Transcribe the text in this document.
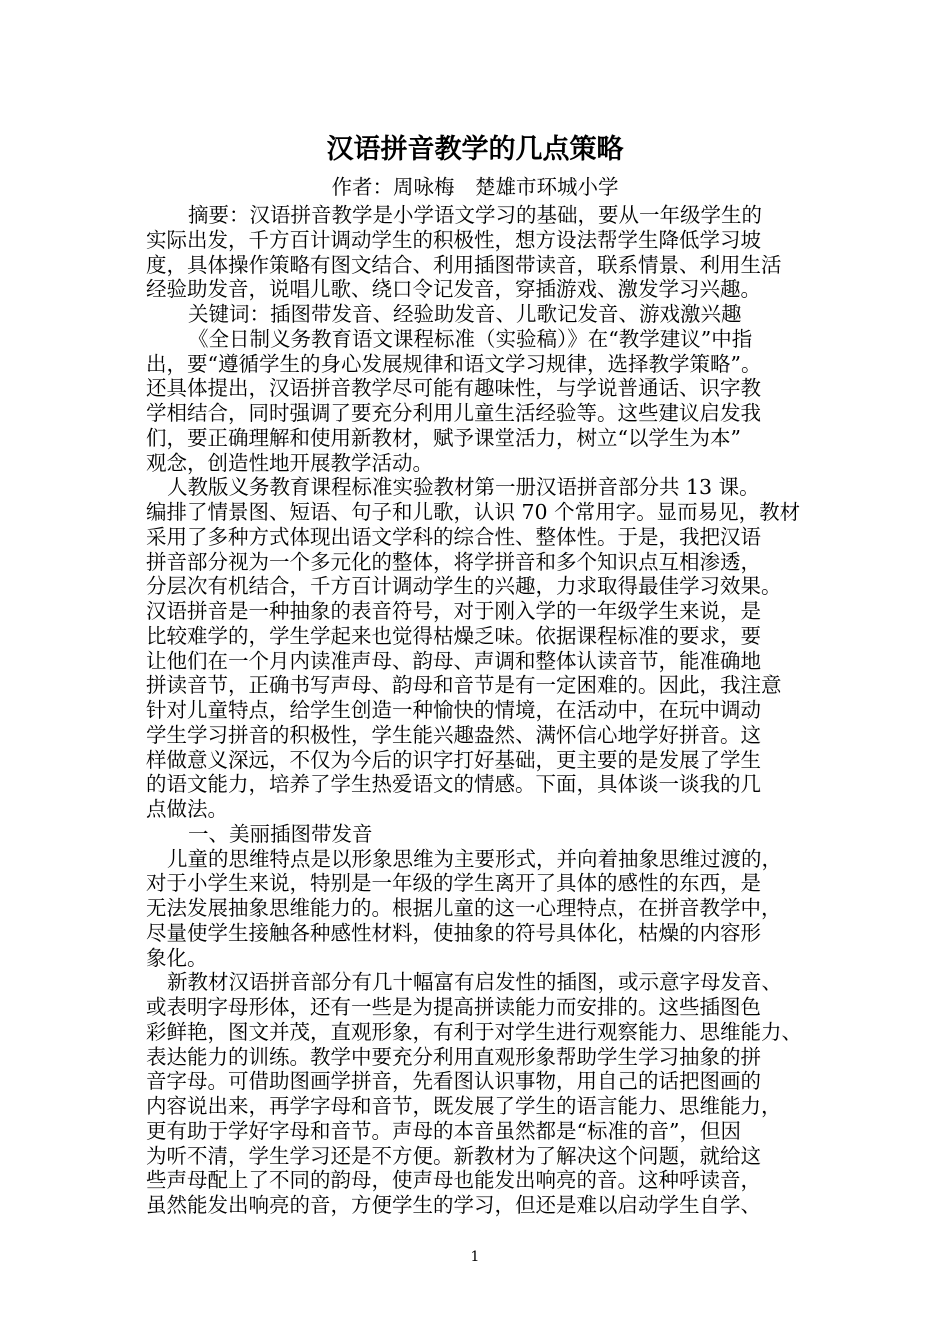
汉语拼音教学的几点策略
作者：周咏梅　楚雄市环城小学
摘要：汉语拼音教学是小学语文学习的基础，要从一年级学生的
实际出发，千方百计调动学生的积极性，想方设法帮学生降低学习坡
度，具体操作策略有图文结合、利用插图带读音，联系情景、利用生活
经验助发音，说唱儿歌、绕口令记发音，穿插游戏、激发学习兴趣。
关键词：插图带发音、经验助发音、儿歌记发音、游戏激兴趣
《全日制义务教育语文课程标准（实验稿）》在“教学建议”中指
出，要“遵循学生的身心发展规律和语文学习规律，选择教学策略”。
还具体提出，汉语拼音教学尽可能有趣味性，与学说普通话、识字教
学相结合，同时强调了要充分利用儿童生活经验等。这些建议启发我
们，要正确理解和使用新教材，赋予课堂活力，树立“以学生为本”
观念，创造性地开展教学活动。
人教版义务教育课程标准实验教材第一册汉语拼音部分共 13 课。
编排了情景图、短语、句子和儿歌，认识 70 个常用字。显而易见，教材
采用了多种方式体现出语文学科的综合性、整体性。于是，我把汉语
拼音部分视为一个多元化的整体，将学拼音和多个知识点互相渗透，
分层次有机结合，千方百计调动学生的兴趣，力求取得最佳学习效果。
汉语拼音是一种抽象的表音符号，对于刚入学的一年级学生来说，是
比较难学的，学生学起来也觉得枯燥乏味。依据课程标准的要求，要
让他们在一个月内读准声母、韵母、声调和整体认读音节，能准确地
拼读音节，正确书写声母、韵母和音节是有一定困难的。因此，我注意
针对儿童特点，给学生创造一种愉快的情境，在活动中，在玩中调动
学生学习拼音的积极性，学生能兴趣盎然、满怀信心地学好拼音。这
样做意义深远，不仅为今后的识字打好基础，更主要的是发展了学生
的语文能力，培养了学生热爱语文的情感。下面，具体谈一谈我的几
点做法。
一、美丽插图带发音
儿童的思维特点是以形象思维为主要形式，并向着抽象思维过渡的，
对于小学生来说，特别是一年级的学生离开了具体的感性的东西，是
无法发展抽象思维能力的。根据儿童的这一心理特点，在拼音教学中，
尽量使学生接触各种感性材料，使抽象的符号具体化，枯燥的内容形
象化。
新教材汉语拼音部分有几十幅富有启发性的插图，或示意字母发音、
或表明字母形体，还有一些是为提高拼读能力而安排的。这些插图色
彩鲜艳，图文并茂，直观形象，有利于对学生进行观察能力、思维能力、
表达能力的训练。教学中要充分利用直观形象帮助学生学习抽象的拼
音字母。可借助图画学拼音，先看图认识事物，用自己的话把图画的
内容说出来，再学字母和音节，既发展了学生的语言能力、思维能力，
更有助于学好字母和音节。声母的本音虽然都是“标准的音”，但因
为听不清，学生学习还是不方便。新教材为了解决这个问题，就给这
些声母配上了不同的韵母，使声母也能发出响亮的音。这种呼读音，
虽然能发出响亮的音，方便学生的学习，但还是难以启动学生自学、
1
